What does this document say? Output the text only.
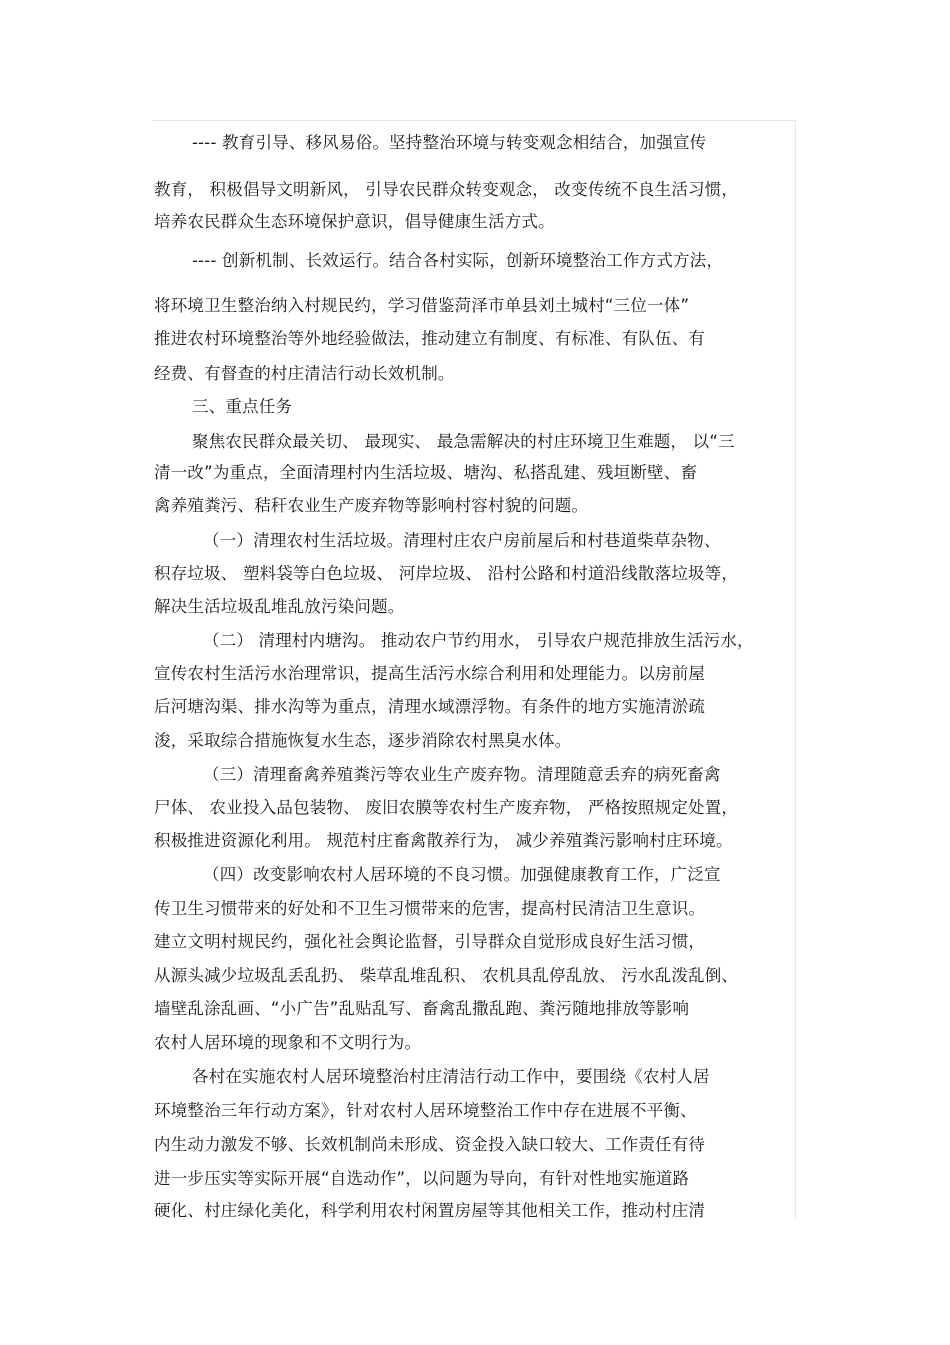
---- 教育引导、移风易俗。坚持整治环境与转变观念相结合，加强宣传
教育， 积极倡导文明新风， 引导农民群众转变观念， 改变传统不良生活习惯，
培养农民群众生态环境保护意识，倡导健康生活方式。
---- 创新机制、长效运行。结合各村实际，创新环境整治工作方式方法，
将环境卫生整治纳入村规民约，学习借鉴菏泽市单县刘土城村“三位一体”
推进农村环境整治等外地经验做法，推动建立有制度、有标准、有队伍、有
经费、有督查的村庄清洁行动长效机制。
三、重点任务
聚焦农民群众最关切、 最现实、 最急需解决的村庄环境卫生难题， 以“三
清一改”为重点，全面清理村内生活垃圾、塘沟、私搭乱建、残垣断壁、畜
禽养殖粪污、秸秆农业生产废弃物等影响村容村貌的问题。
（一）清理农村生活垃圾。清理村庄农户房前屋后和村巷道柴草杂物、
积存垃圾、 塑料袋等白色垃圾、 河岸垃圾、 沿村公路和村道沿线散落垃圾等，
解决生活垃圾乱堆乱放污染问题。
（二） 清理村内塘沟。 推动农户节约用水， 引导农户规范排放生活污水，
宣传农村生活污水治理常识，提高生活污水综合利用和处理能力。以房前屋
后河塘沟渠、排水沟等为重点，清理水域漂浮物。有条件的地方实施清淤疏
浚，采取综合措施恢复水生态，逐步消除农村黑臭水体。
（三）清理畜禽养殖粪污等农业生产废弃物。清理随意丢弃的病死畜禽
尸体、 农业投入品包装物、 废旧农膜等农村生产废弃物， 严格按照规定处置，
积极推进资源化利用。 规范村庄畜禽散养行为， 减少养殖粪污影响村庄环境。
（四）改变影响农村人居环境的不良习惯。加强健康教育工作，广泛宣
传卫生习惯带来的好处和不卫生习惯带来的危害，提高村民清洁卫生意识。
建立文明村规民约，强化社会舆论监督，引导群众自觉形成良好生活习惯，
从源头减少垃圾乱丢乱扔、 柴草乱堆乱积、 农机具乱停乱放、 污水乱泼乱倒、
墙壁乱涂乱画、“小广告”乱贴乱写、畜禽乱撒乱跑、粪污随地排放等影响
农村人居环境的现象和不文明行为。
各村在实施农村人居环境整治村庄清洁行动工作中，要围绕《农村人居
环境整治三年行动方案》，针对农村人居环境整治工作中存在进展不平衡、
内生动力激发不够、长效机制尚未形成、资金投入缺口较大、工作责任有待
进一步压实等实际开展“自选动作”，以问题为导向，有针对性地实施道路
硬化、村庄绿化美化，科学利用农村闲置房屋等其他相关工作，推动村庄清
